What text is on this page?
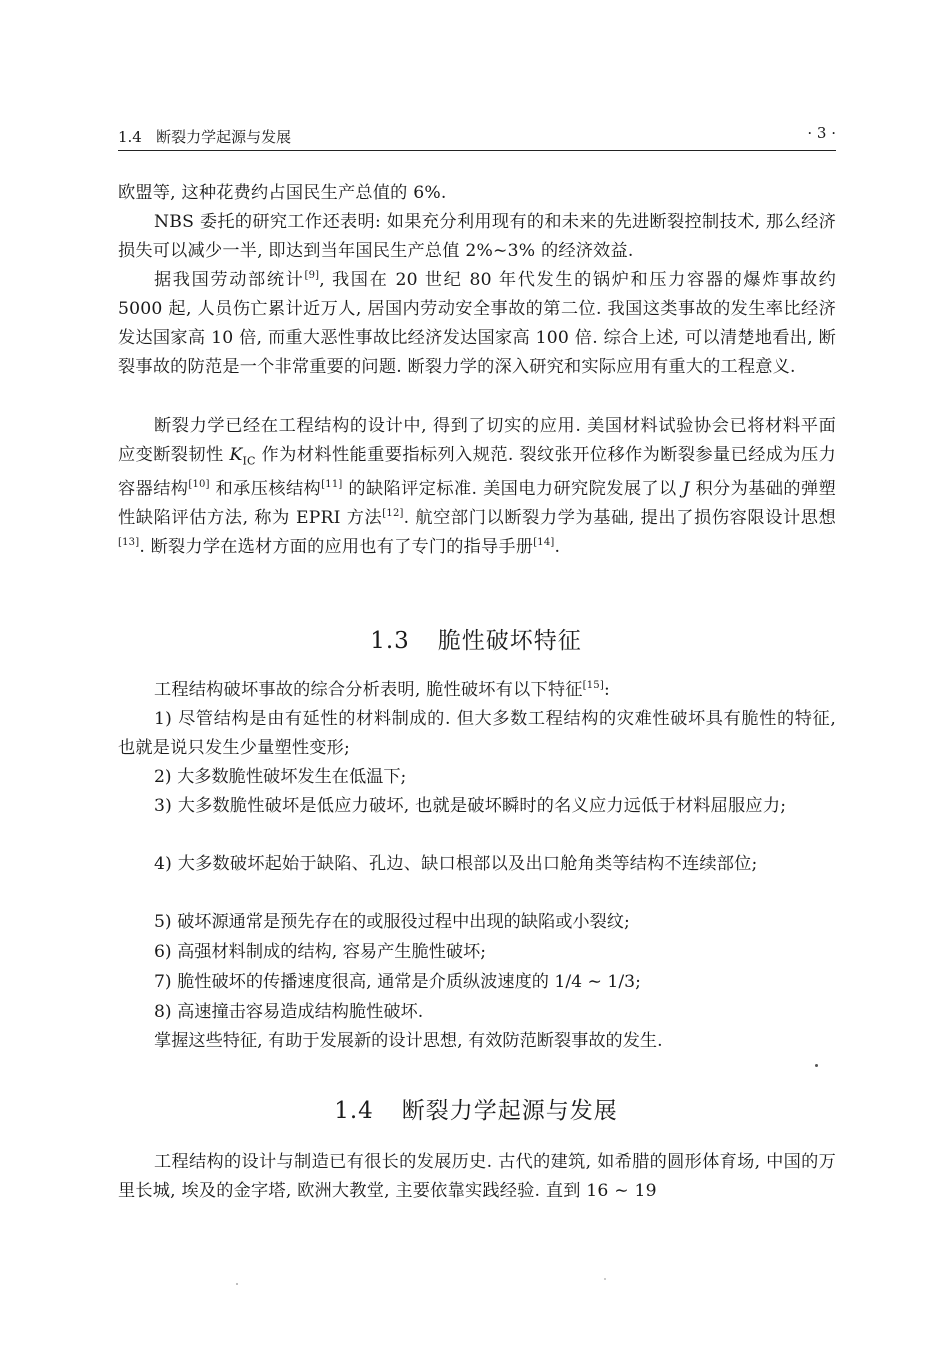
1.4 断裂力学起源与发展	· 3 ·

欧盟等, 这种花费约占国民生产总值的 6%.

NBS 委托的研究工作还表明: 如果充分利用现有的和未来的先进断裂控制技术, 那么经济损失可以减少一半, 即达到当年国民生产总值 2%∼3% 的经济效益.

据我国劳动部统计[9], 我国在 20 世纪 80 年代发生的锅炉和压力容器的爆炸事故约 5000 起, 人员伤亡累计近万人, 居国内劳动安全事故的第二位. 我国这类事故的发生率比经济发达国家高 10 倍, 而重大恶性事故比经济发达国家高 100 倍. 综合上述, 可以清楚地看出, 断裂事故的防范是一个非常重要的问题. 断裂力学的深入研究和实际应用有重大的工程意义.

断裂力学已经在工程结构的设计中, 得到了切实的应用. 美国材料试验协会已将材料平面应变断裂韧性 $K_{IC}$ 作为材料性能重要指标列入规范. 裂纹张开位移作为断裂参量已经成为压力容器结构[10] 和承压核结构[11] 的缺陷评定标准. 美国电力研究院发展了以 J 积分为基础的弹塑性缺陷评估方法, 称为 EPRI 方法[12]. 航空部门以断裂力学为基础, 提出了损伤容限设计思想[13]. 断裂力学在选材方面的应用也有了专门的指导手册[14].

1.3 脆性破坏特征

工程结构破坏事故的综合分析表明, 脆性破坏有以下特征[15]:

1) 尽管结构是由有延性的材料制成的. 但大多数工程结构的灾难性破坏具有脆性的特征, 也就是说只发生少量塑性变形;

2) 大多数脆性破坏发生在低温下;

3) 大多数脆性破坏是低应力破坏, 也就是破坏瞬时的名义应力远低于材料屈服应力;

4) 大多数破坏起始于缺陷、孔边、缺口根部以及出口舱角类等结构不连续部位;

5) 破坏源通常是预先存在的或服役过程中出现的缺陷或小裂纹;

6) 高强材料制成的结构, 容易产生脆性破坏;

7) 脆性破坏的传播速度很高, 通常是介质纵波速度的 1/4 ∼ 1/3;

8) 高速撞击容易造成结构脆性破坏.

掌握这些特征, 有助于发展新的设计思想, 有效防范断裂事故的发生.

1.4 断裂力学起源与发展

工程结构的设计与制造已有很长的发展历史. 古代的建筑, 如希腊的圆形体育场, 中国的万里长城, 埃及的金字塔, 欧洲大教堂, 主要依靠实践经验. 直到 16 ∼ 19
